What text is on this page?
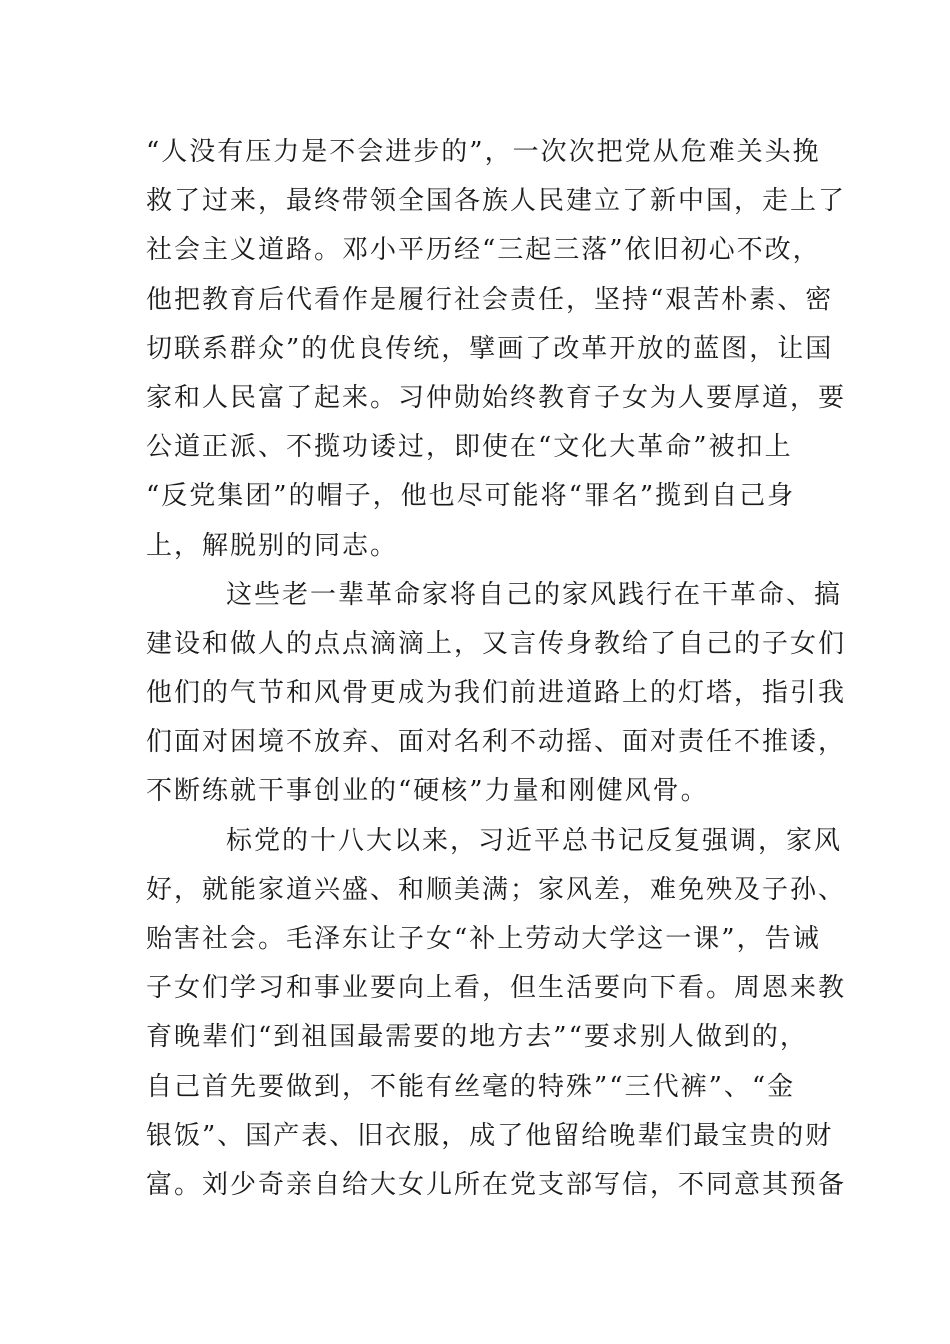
“人没有压力是不会进步的”，一次次把党从危难关头挽
救了过来，最终带领全国各族人民建立了新中国，走上了
社会主义道路。邓小平历经“三起三落”依旧初心不改，
他把教育后代看作是履行社会责任，坚持“艰苦朴素、密
切联系群众”的优良传统，擘画了改革开放的蓝图，让国
家和人民富了起来。习仲勋始终教育子女为人要厚道，要
公道正派、不揽功诿过，即使在“文化大革命”被扣上
“反党集团”的帽子，他也尽可能将“罪名”揽到自己身
上，解脱别的同志。
这些老一辈革命家将自己的家风践行在干革命、搞
建设和做人的点点滴滴上，又言传身教给了自己的子女们
他们的气节和风骨更成为我们前进道路上的灯塔，指引我
们面对困境不放弃、面对名利不动摇、面对责任不推诿，
不断练就干事创业的“硬核”力量和刚健风骨。
标党的十八大以来，习近平总书记反复强调，家风
好，就能家道兴盛、和顺美满；家风差，难免殃及子孙、
贻害社会。毛泽东让子女“补上劳动大学这一课”，告诫
子女们学习和事业要向上看，但生活要向下看。周恩来教
育晚辈们“到祖国最需要的地方去”“要求别人做到的，
自己首先要做到，不能有丝毫的特殊”“三代裤”、“金
银饭”、国产表、旧衣服，成了他留给晚辈们最宝贵的财
富。刘少奇亲自给大女儿所在党支部写信，不同意其预备
